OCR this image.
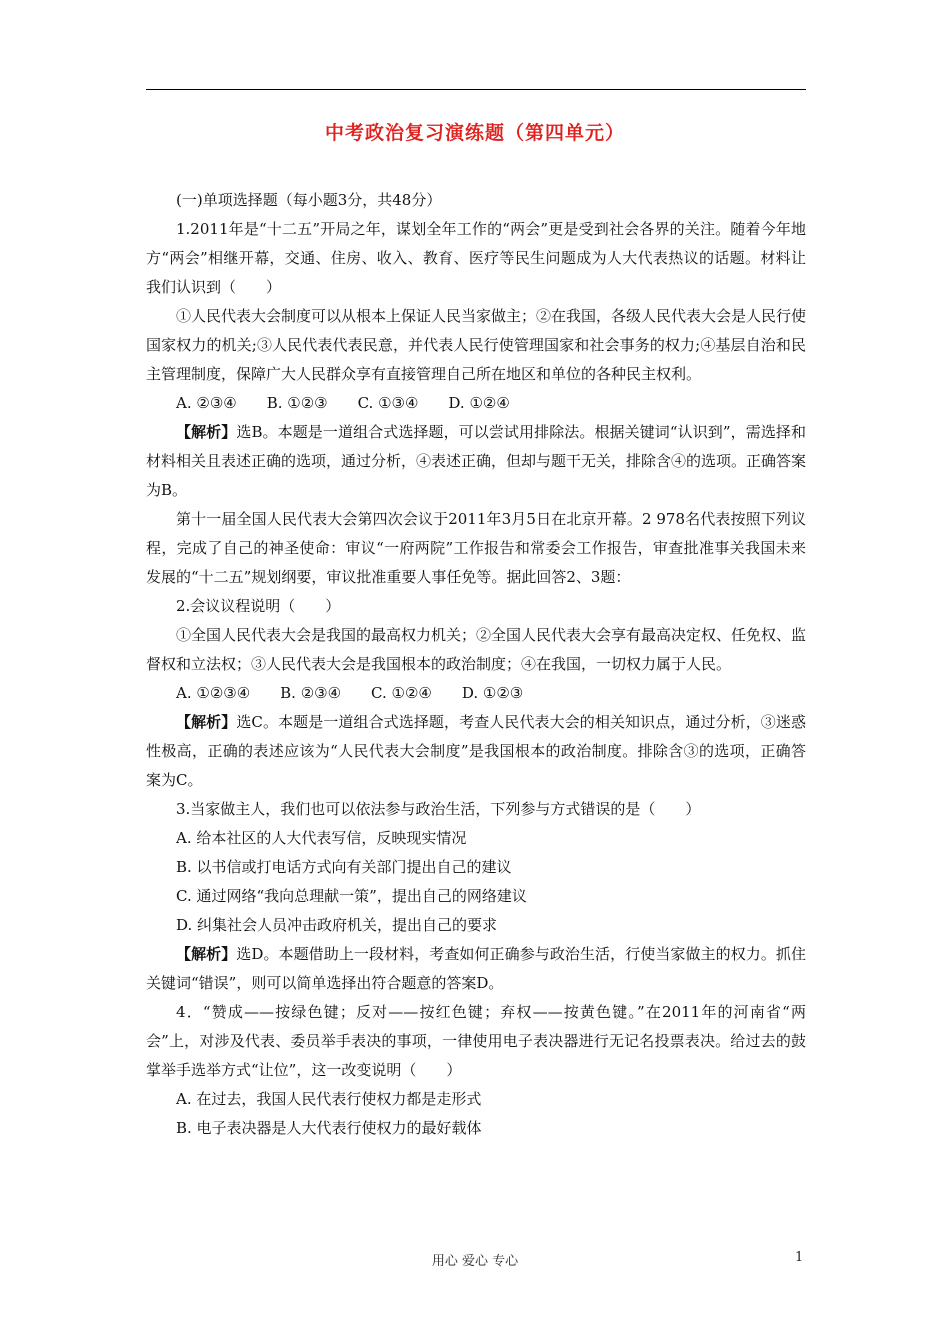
中考政治复习演练题（第四单元）

(一)单项选择题（每小题3分，共48分）

1.2011年是“十二五”开局之年，谋划全年工作的“两会”更是受到社会各界的关注。随着今年地方“两会”相继开幕，交通、住房、收入、教育、医疗等民生问题成为人大代表热议的话题。材料让我们认识到（　　）

①人民代表大会制度可以从根本上保证人民当家做主；②在我国，各级人民代表大会是人民行使国家权力的机关;③人民代表代表民意，并代表人民行使管理国家和社会事务的权力;④基层自治和民主管理制度，保障广大人民群众享有直接管理自己所在地区和单位的各种民主权利。

A. ②③④　　B. ①②③　　C. ①③④　　D. ①②④

【解析】选B。本题是一道组合式选择题，可以尝试用排除法。根据关键词“认识到”，需选择和材料相关且表述正确的选项，通过分析，④表述正确，但却与题干无关，排除含④的选项。正确答案为B。

第十一届全国人民代表大会第四次会议于2011年3月5日在北京开幕。2 978名代表按照下列议程，完成了自己的神圣使命：审议“一府两院”工作报告和常委会工作报告，审查批准事关我国未来发展的“十二五”规划纲要，审议批准重要人事任免等。据此回答2、3题：

2.会议议程说明（　　）

①全国人民代表大会是我国的最高权力机关；②全国人民代表大会享有最高决定权、任免权、监督权和立法权；③人民代表大会是我国根本的政治制度；④在我国，一切权力属于人民。

A. ①②③④　　B. ②③④　　C. ①②④　　D. ①②③

【解析】选C。本题是一道组合式选择题，考查人民代表大会的相关知识点，通过分析，③迷惑性极高，正确的表述应该为“人民代表大会制度”是我国根本的政治制度。排除含③的选项，正确答案为C。

3.当家做主人，我们也可以依法参与政治生活，下列参与方式错误的是（　　）

A. 给本社区的人大代表写信，反映现实情况

B. 以书信或打电话方式向有关部门提出自己的建议

C. 通过网络“我向总理献一策”，提出自己的网络建议

D. 纠集社会人员冲击政府机关，提出自己的要求

【解析】选D。本题借助上一段材料，考查如何正确参与政治生活，行使当家做主的权力。抓住关键词“错误”，则可以简单选择出符合题意的答案D。

4．“赞成——按绿色键；反对——按红色键；弃权——按黄色键。”在2011年的河南省“两会”上，对涉及代表、委员举手表决的事项，一律使用电子表决器进行无记名投票表决。给过去的鼓掌举手选举方式“让位”，这一改变说明（　　）

A. 在过去，我国人民代表行使权力都是走形式

B. 电子表决器是人大代表行使权力的最好载体

用心 爱心 专心	1
